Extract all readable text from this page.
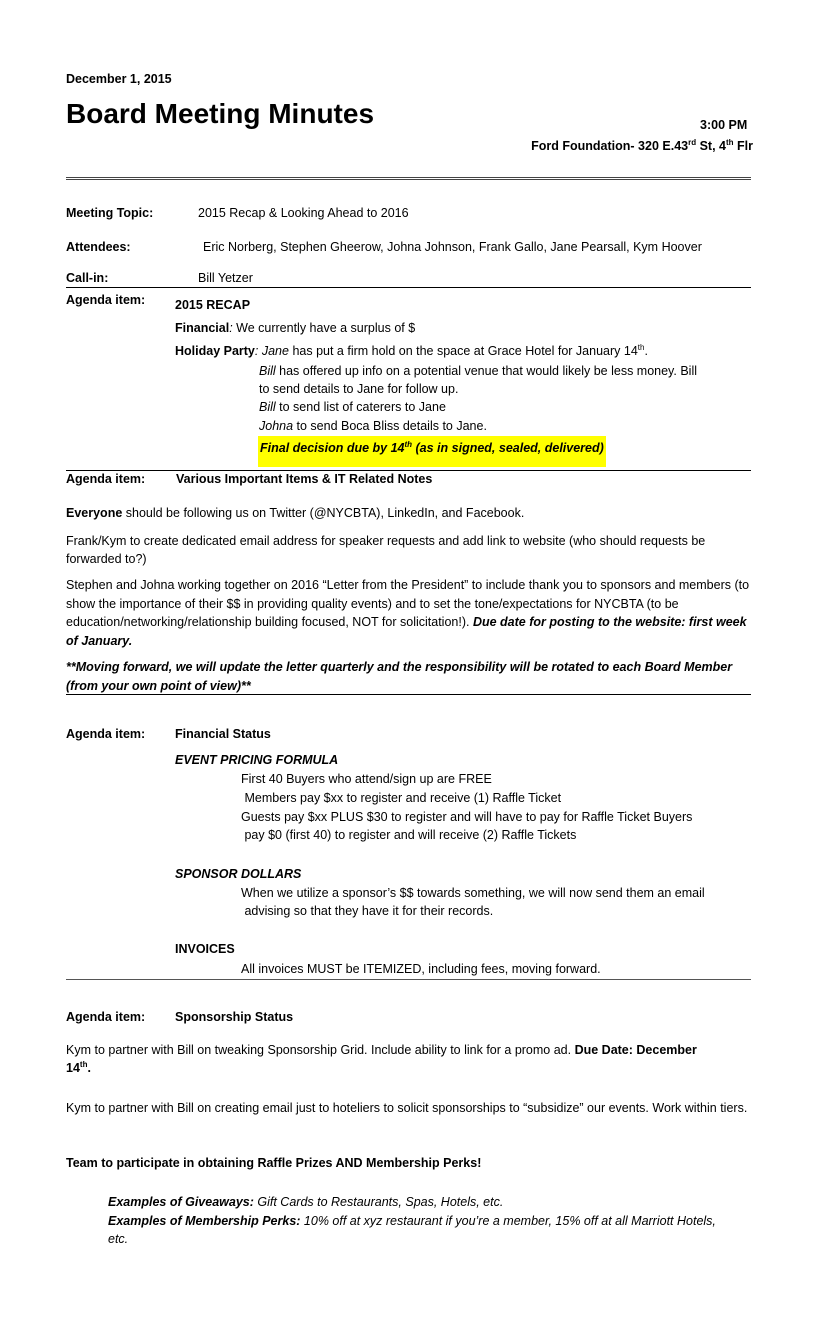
December 1, 2015
Board Meeting Minutes	3:00 PM
Ford Foundation- 320 E.43rd St, 4th Flr
Meeting Topic:	2015 Recap & Looking Ahead to 2016
Attendees:	Eric Norberg, Stephen Gheerow, Johna Johnson, Frank Gallo, Jane Pearsall, Kym Hoover
Call-in:	Bill Yetzer
Agenda item: 2015 RECAP
Financial: We currently have a surplus of $
Holiday Party: Jane has put a firm hold on the space at Grace Hotel for January 14th.
Bill has offered up info on a potential venue that would likely be less money. Bill
to send details to Jane for follow up.
Bill to send list of caterers to Jane
Johna to send Boca Bliss details to Jane.
Final decision due by 14th (as in signed, sealed, delivered)
Agenda item: Various Important Items & IT Related Notes
Everyone should be following us on Twitter (@NYCBTA), LinkedIn, and Facebook.
Frank/Kym to create dedicated email address for speaker requests and add link to website (who should requests be forwarded to?)
Stephen and Johna working together on 2016 “Letter from the President” to include thank you to sponsors and members (to show the importance of their $$ in providing quality events) and to set the tone/expectations for NYCBTA (to be education/networking/relationship building focused, NOT for solicitation!). Due date for posting to the website: first week of January.
**Moving forward, we will update the letter quarterly and the responsibility will be rotated to each Board Member (from your own point of view)**
Agenda item: Financial Status
EVENT PRICING FORMULA
First 40 Buyers who attend/sign up are FREE
Members pay $xx to register and receive (1) Raffle Ticket
Guests pay $xx PLUS $30 to register and will have to pay for Raffle Ticket Buyers
pay $0 (first 40) to register and will receive (2) Raffle Tickets
SPONSOR DOLLARS
When we utilize a sponsor’s $$ towards something, we will now send them an email
advising so that they have it for their records.
INVOICES
All invoices MUST be ITEMIZED, including fees, moving forward.
Agenda item: Sponsorship Status
Kym to partner with Bill on tweaking Sponsorship Grid. Include ability to link for a promo ad. Due Date: December
14th.
Kym to partner with Bill on creating email just to hoteliers to solicit sponsorships to “subsidize” our events. Work within tiers.
Team to participate in obtaining Raffle Prizes AND Membership Perks!
Examples of Giveaways: Gift Cards to Restaurants, Spas, Hotels, etc.
Examples of Membership Perks: 10% off at xyz restaurant if you’re a member, 15% off at all Marriott Hotels,
etc.
